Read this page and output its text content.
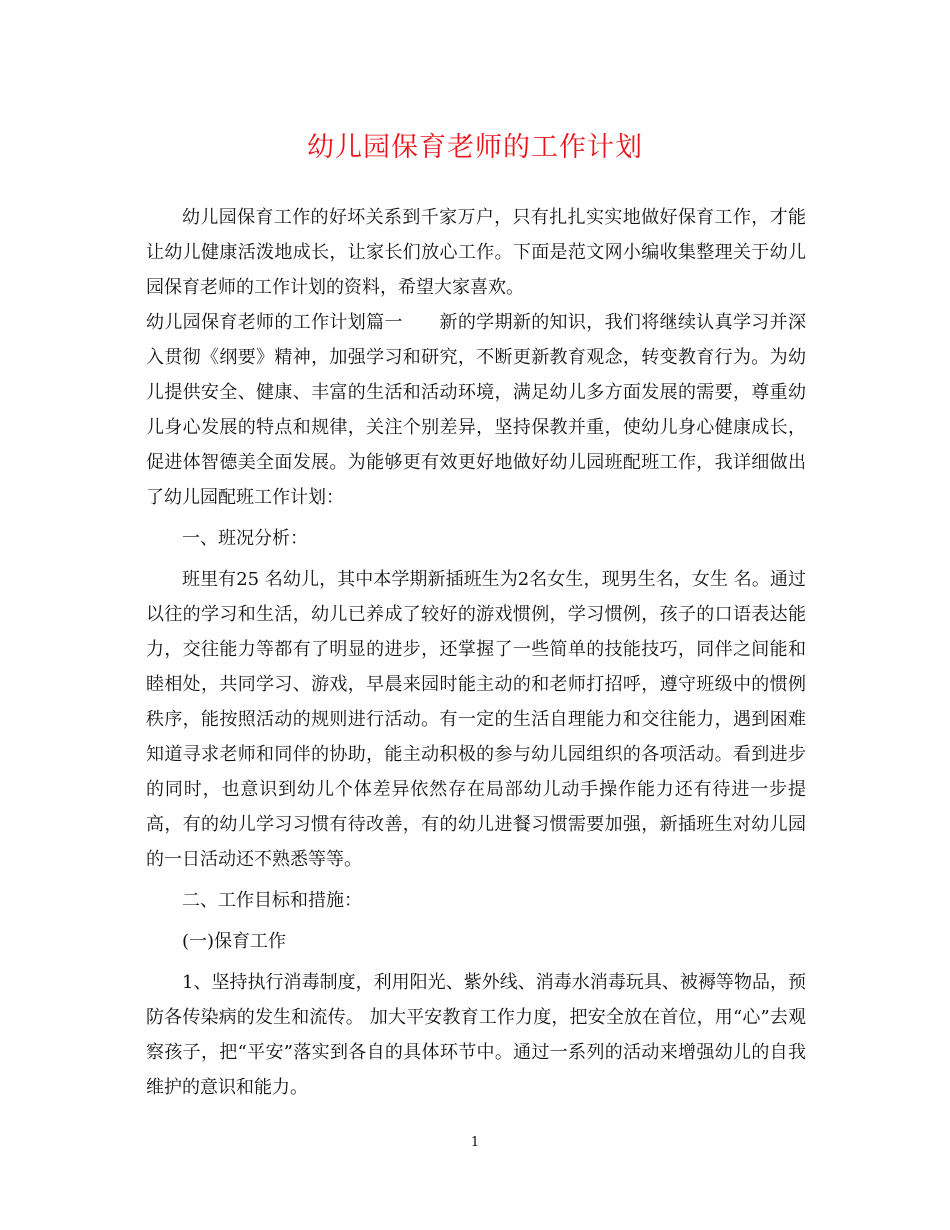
幼儿园保育老师的工作计划

幼儿园保育工作的好坏关系到千家万户，只有扎扎实实地做好保育工作，才能让幼儿健康活泼地成长，让家长们放心工作。下面是范文网小编收集整理关于幼儿园保育老师的工作计划的资料，希望大家喜欢。

幼儿园保育老师的工作计划篇一　　新的学期新的知识，我们将继续认真学习并深入贯彻《纲要》精神，加强学习和研究，不断更新教育观念，转变教育行为。为幼儿提供安全、健康、丰富的生活和活动环境，满足幼儿多方面发展的需要，尊重幼儿身心发展的特点和规律，关注个别差异，坚持保教并重，使幼儿身心健康成长，促进体智德美全面发展。为能够更有效更好地做好幼儿园班配班工作，我详细做出了幼儿园配班工作计划：

一、班况分析：

班里有25 名幼儿，其中本学期新插班生为2名女生，现男生名，女生 名。通过以往的学习和生活，幼儿已养成了较好的游戏惯例，学习惯例，孩子的口语表达能力，交往能力等都有了明显的进步，还掌握了一些简单的技能技巧，同伴之间能和睦相处，共同学习、游戏，早晨来园时能主动的和老师打招呼，遵守班级中的惯例秩序，能按照活动的规则进行活动。有一定的生活自理能力和交往能力，遇到困难知道寻求老师和同伴的协助，能主动积极的参与幼儿园组织的各项活动。看到进步的同时，也意识到幼儿个体差异依然存在局部幼儿动手操作能力还有待进一步提高，有的幼儿学习习惯有待改善，有的幼儿进餐习惯需要加强，新插班生对幼儿园的一日活动还不熟悉等等。

二、工作目标和措施：

(一)保育工作

1、坚持执行消毒制度，利用阳光、紫外线、消毒水消毒玩具、被褥等物品，预防各传染病的发生和流传。 加大平安教育工作力度，把安全放在首位，用“心”去观察孩子，把“平安”落实到各自的具体环节中。通过一系列的活动来增强幼儿的自我维护的意识和能力。

1
